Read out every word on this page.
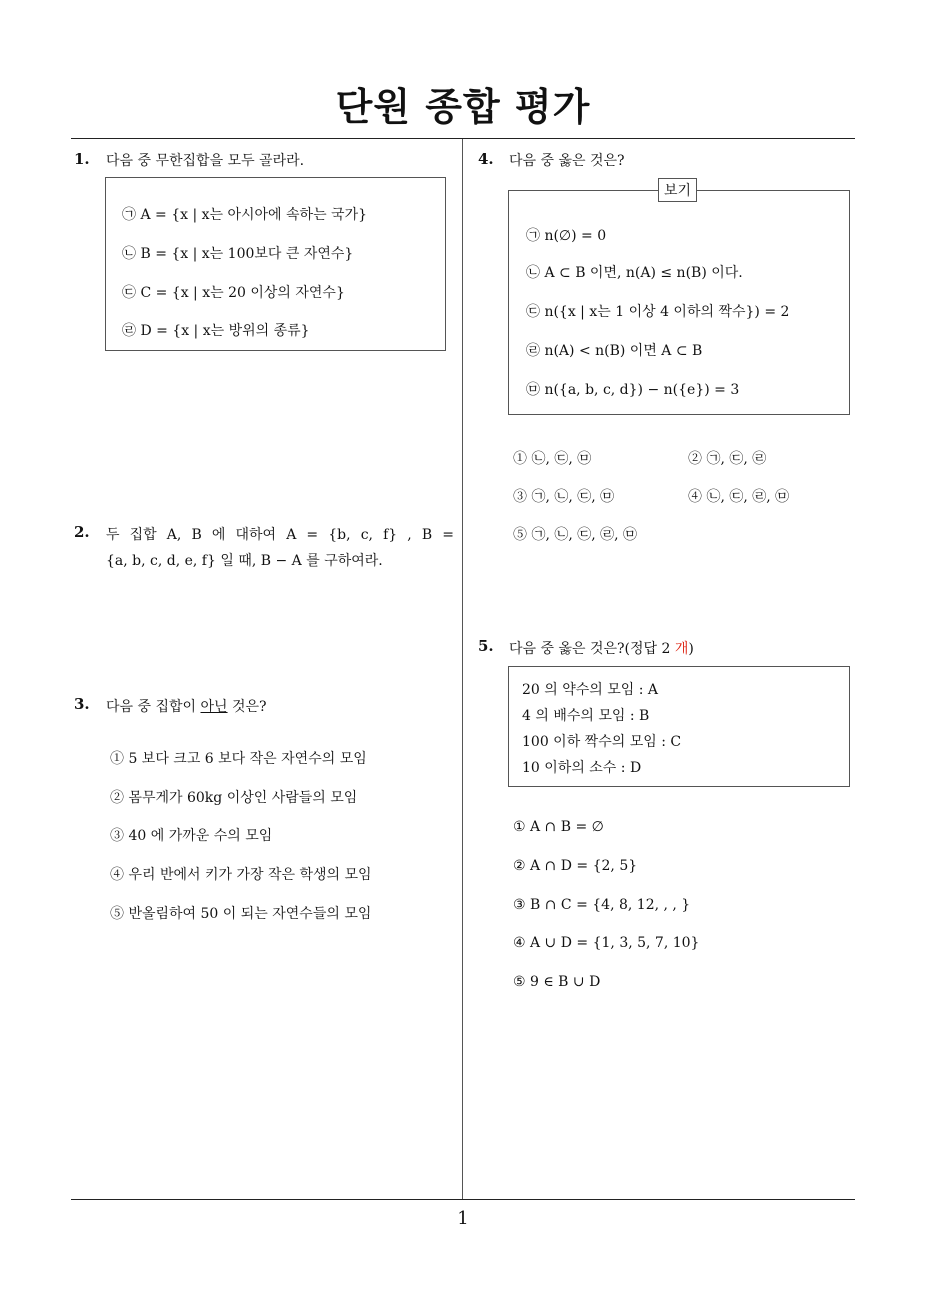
단원 종합 평가
1. 다음 중 무한집합을 모두 골라라.
㉠ A = {x | x는 아시아에 속하는 국가}
㉡ B = {x | x는 100보다 큰 자연수}
㉢ C = {x | x는 20 이상의 자연수}
㉣ D = {x | x는 방위의 종류}
2. 두 집합 A, B 에 대하여 A = {b, c, f} , B =
{a, b, c, d, e, f} 일 때, B − A 를 구하여라.
3. 다음 중 집합이 아닌 것은?
① 5 보다 크고 6 보다 작은 자연수의 모임
② 몸무게가 60kg 이상인 사람들의 모임
③ 40 에 가까운 수의 모임
④ 우리 반에서 키가 가장 작은 학생의 모임
⑤ 반올림하여 50 이 되는 자연수들의 모임
4. 다음 중 옳은 것은?
보기
㉠ n(∅) = 0
㉡ A ⊂ B 이면, n(A) ≤ n(B) 이다.
㉢ n({x | x는 1 이상 4 이하의 짝수}) = 2
㉣ n(A) < n(B) 이면 A ⊂ B
㉤ n({a, b, c, d}) − n({e}) = 3
① ㉡, ㉢, ㉤	② ㉠, ㉢, ㉣
③ ㉠, ㉡, ㉢, ㉤	④ ㉡, ㉢, ㉣, ㉤
⑤ ㉠, ㉡, ㉢, ㉣, ㉤
5. 다음 중 옳은 것은?(정답 2 개)
20 의 약수의 모임 : A
4 의 배수의 모임 : B
100 이하 짝수의 모임 : C
10 이하의 소수 : D
① A ∩ B = ∅
② A ∩ D = {2, 5}
③ B ∩ C = {4, 8, 12, , , }
④ A ∪ D = {1, 3, 5, 7, 10}
⑤ 9 ∈ B ∪ D
1
